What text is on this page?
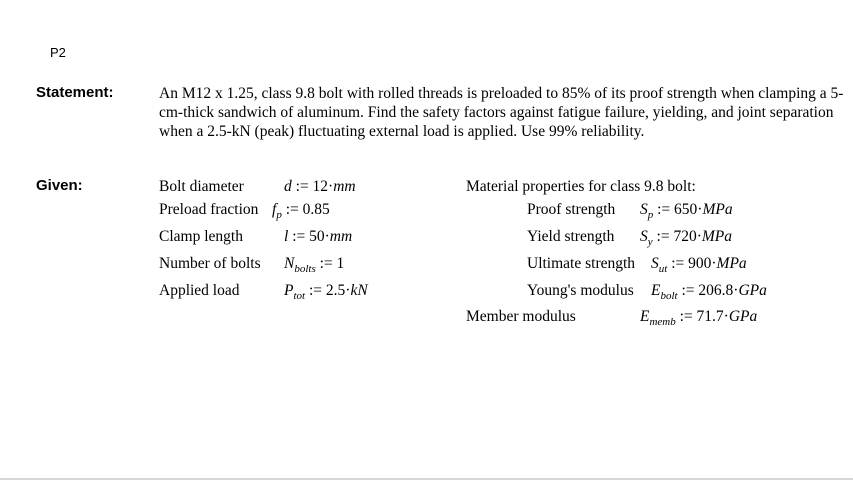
P2
Statement:	An M12 x 1.25, class 9.8 bolt with rolled threads is preloaded to 85% of its proof strength when clamping a 5-cm-thick sandwich of aluminum. Find the safety factors against fatigue failure, yielding, and joint separation when a 2.5-kN (peak) fluctuating external load is applied. Use 99% reliability.
Given:	Bolt diameter	d := 12·mm
Preload fraction $f_p$ := 0.85
Clamp length	l := 50·mm
Number of bolts $N_{bolts}$ := 1
Applied load	$P_{tot}$ := 2.5·kN
Material properties for class 9.8 bolt:
Proof strength $S_p$ := 650·MPa
Yield strength $S_y$ := 720·MPa
Ultimate strength $S_{ut}$ := 900·MPa
Young's modulus $E_{bolt}$ := 206.8·GPa
Member modulus	$E_{memb}$ := 71.7·GPa
